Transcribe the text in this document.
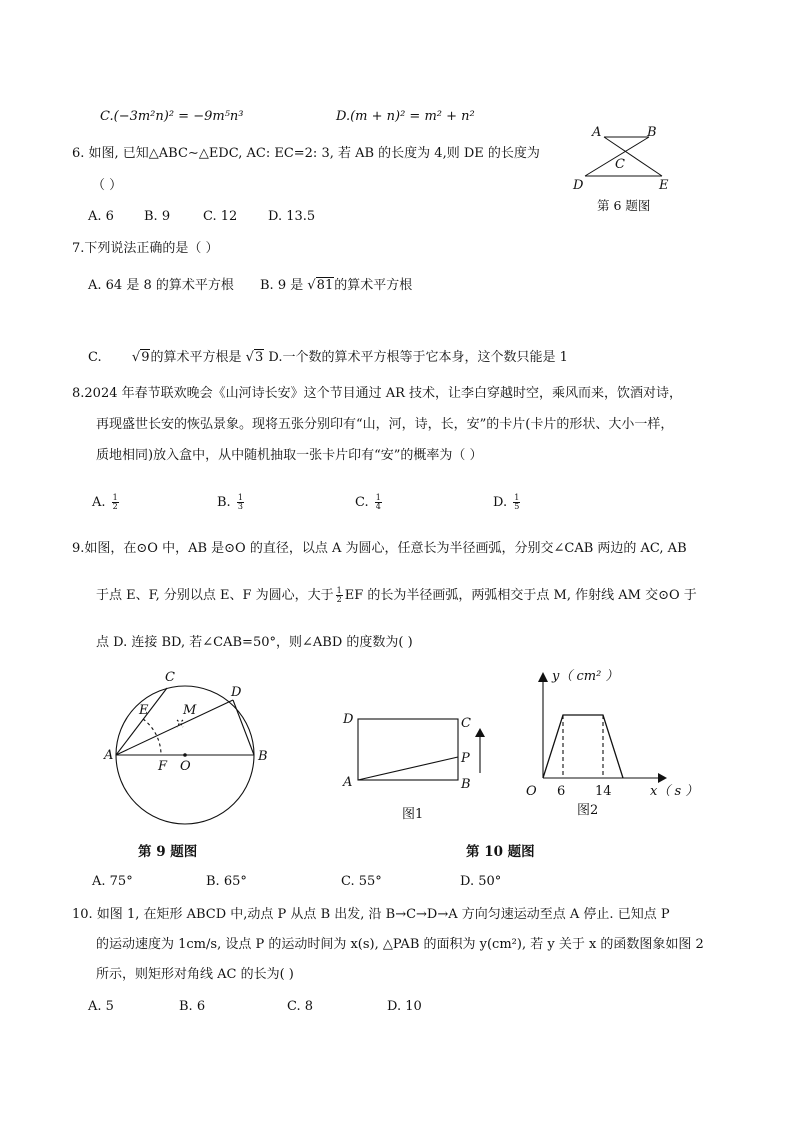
C.(−3m²n)² = −9m⁵n³	D.(m + n)² = m² + n²
6. 如图, 已知△ABC∼△EDC, AC: EC=2: 3, 若 AB 的长度为 4,则 DE 的长度为
（ ）
A. 6 B. 9	C. 12 D. 13.5
A	B
C
D	E
第 6 题图
7.下列说法正确的是（ ）
A. 64 是 8 的算术平方根 B. 9 是 √81的算术平方根
C. √9的算术平方根是 √3 D.一个数的算术平方根等于它本身，这个数只能是 1
8.2024 年春节联欢晚会《山河诗长安》这个节目通过 AR 技术，让李白穿越时空，乘风而来，饮酒对诗，
再现盛世长安的恢弘景象。现将五张分别印有“山，河，诗，长，安”的卡片(卡片的形状、大小一样，
质地相同)放入盒中，从中随机抽取一张卡片印有“安”的概率为（ ）
A. $\frac{1}{2}$	B. $\frac{1}{3}$	C. $\frac{1}{4}$	D. $\frac{1}{5}$
9.如图，在⊙O 中，AB 是⊙O 的直径，以点 A 为圆心，任意长为半径画弧，分别交∠CAB 两边的 AC, AB
于点 E、F, 分别以点 E、F 为圆心，大于 $\frac{1}{2}$ EF 的长为半径画弧，两弧相交于点 M, 作射线 AM 交⊙O 于
点 D. 连接 BD, 若∠CAB=50°，则∠ABD 的度数为( )
C
D
E	M
A
F O
B
第 9 题图
D	C
P
A	B
图1
y（ cm² ）
O 6 14	x（ s ）
图2
第 10 题图
A. 75°	B. 65°	C. 55°	D. 50°
10. 如图 1, 在矩形 ABCD 中,动点 P 从点 B 出发, 沿 B→C→D→A 方向匀速运动至点 A 停止. 已知点 P
的运动速度为 1cm/s, 设点 P 的运动时间为 x(s), △PAB 的面积为 y(cm²), 若 y 关于 x 的函数图象如图 2
所示，则矩形对角线 AC 的长为( )
A. 5	B. 6	C. 8	D. 10
